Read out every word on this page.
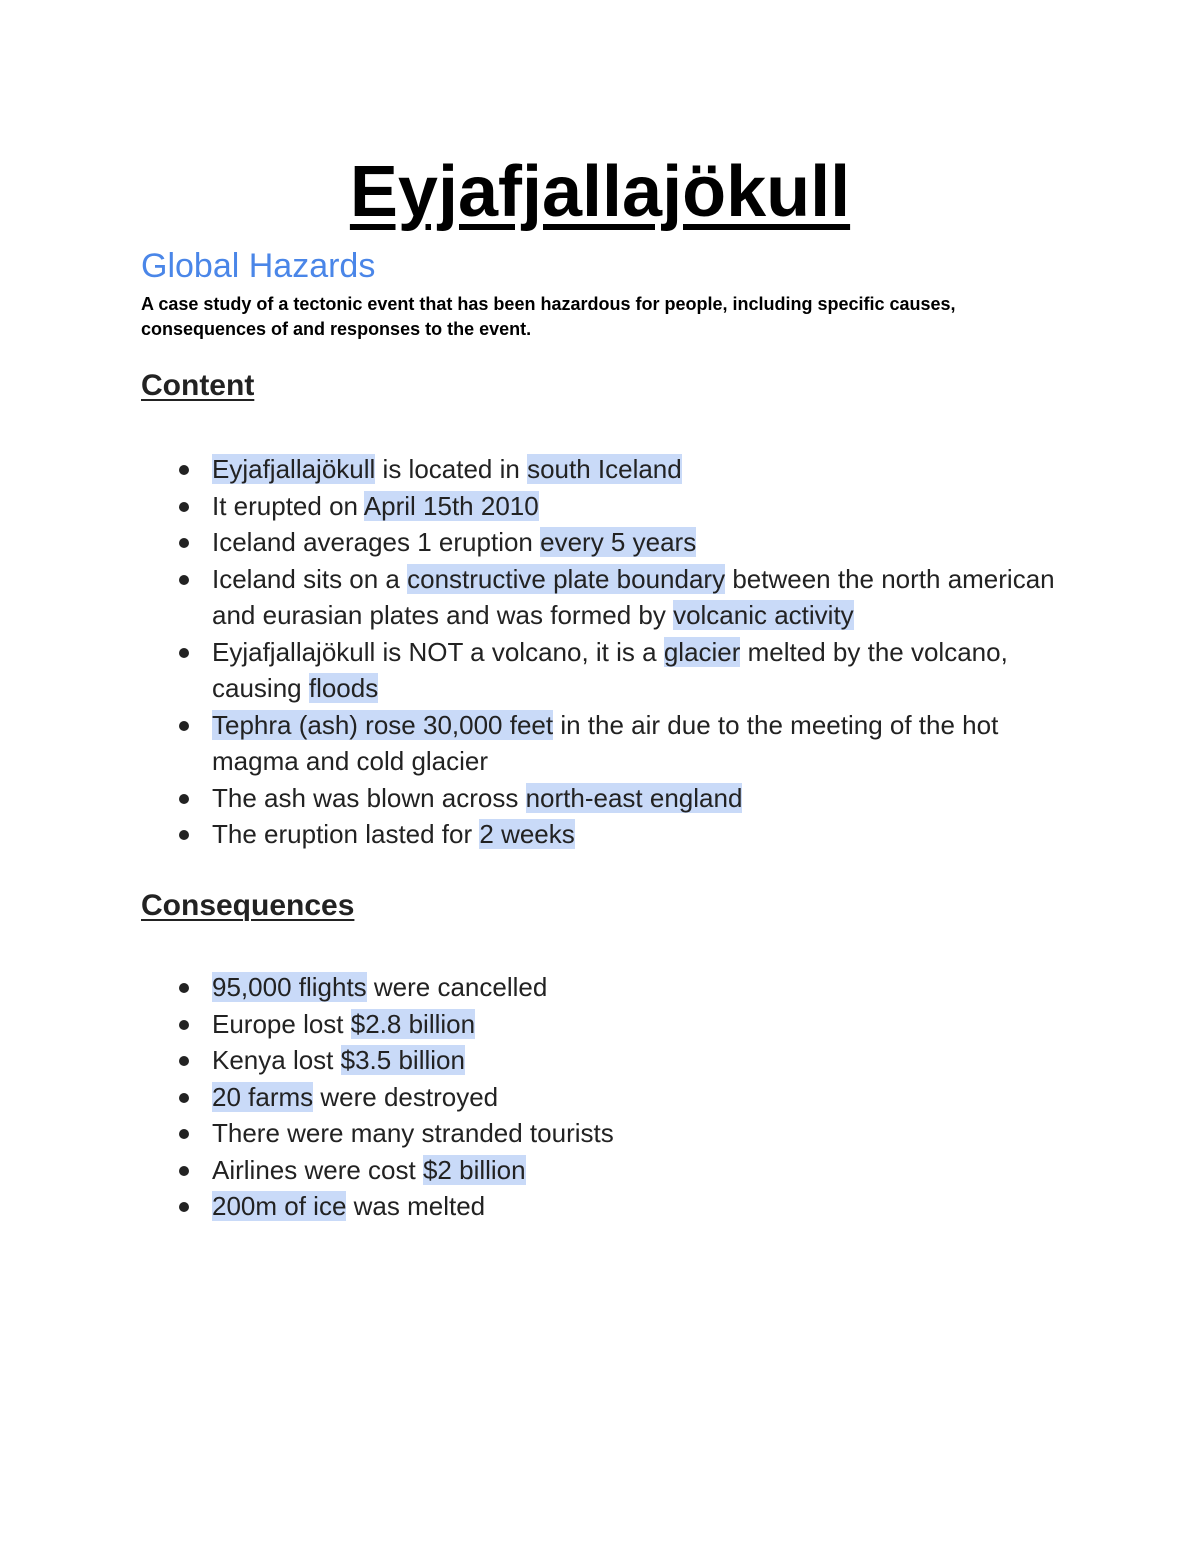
Eyjafjallajökull
Global Hazards

A case study of a tectonic event that has been hazardous for people, including specific causes, consequences of and responses to the event.

Content
Eyjafjallajökull is located in south Iceland
It erupted on April 15th 2010
Iceland averages 1 eruption every 5 years
Iceland sits on a constructive plate boundary between the north american and eurasian plates and was formed by volcanic activity
Eyjafjallajökull is NOT a volcano, it is a glacier melted by the volcano, causing floods
Tephra (ash) rose 30,000 feet in the air due to the meeting of the hot magma and cold glacier
The ash was blown across north-east england
The eruption lasted for 2 weeks
Consequences
95,000 flights were cancelled
Europe lost $2.8 billion
Kenya lost $3.5 billion
20 farms were destroyed
There were many stranded tourists
Airlines were cost $2 billion
200m of ice was melted
